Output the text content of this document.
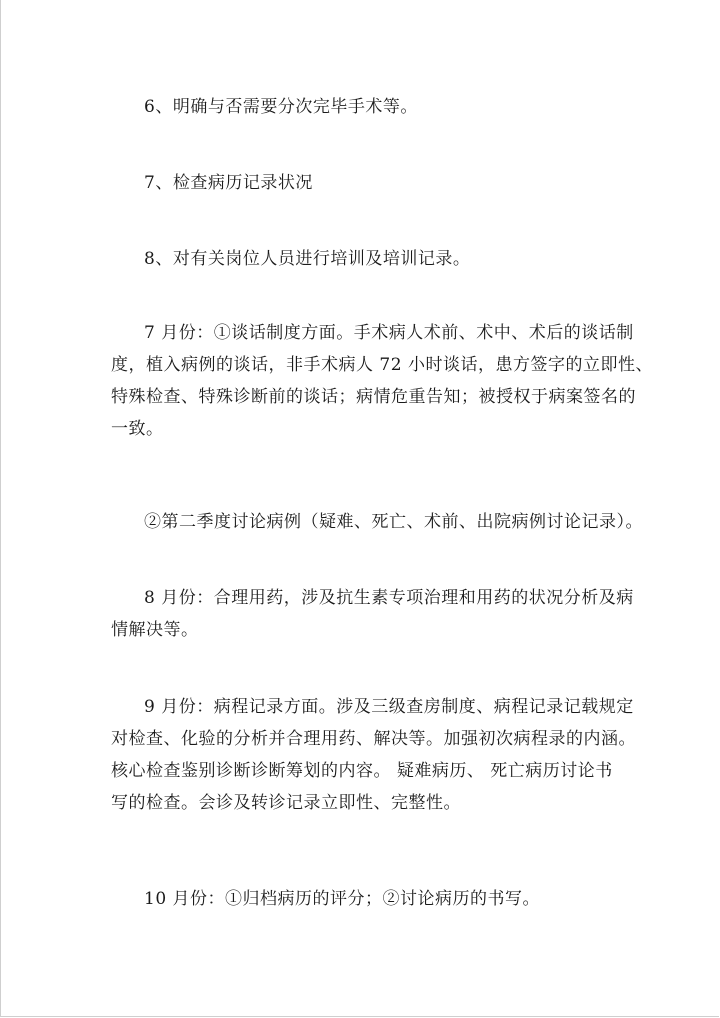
6、明确与否需要分次完毕手术等。

7、检查病历记录状况

8、对有关岗位人员进行培训及培训记录。

7 月份：①谈话制度方面。手术病人术前、术中、术后的谈话制
度，植入病例的谈话，非手术病人 72 小时谈话，患方签字的立即性、
特殊检查、特殊诊断前的谈话；病情危重告知；被授权于病案签名的
一致。

②第二季度讨论病例（疑难、死亡、术前、出院病例讨论记录）。

8 月份：合理用药，涉及抗生素专项治理和用药的状况分析及病
情解决等。

9 月份：病程记录方面。涉及三级查房制度、病程记录记载规定
对检查、化验的分析并合理用药、解决等。加强初次病程录的内涵。
核心检查鉴别诊断诊断筹划的内容。 疑难病历、 死亡病历讨论书
写的检查。会诊及转诊记录立即性、完整性。

10 月份：①归档病历的评分；②讨论病历的书写。
